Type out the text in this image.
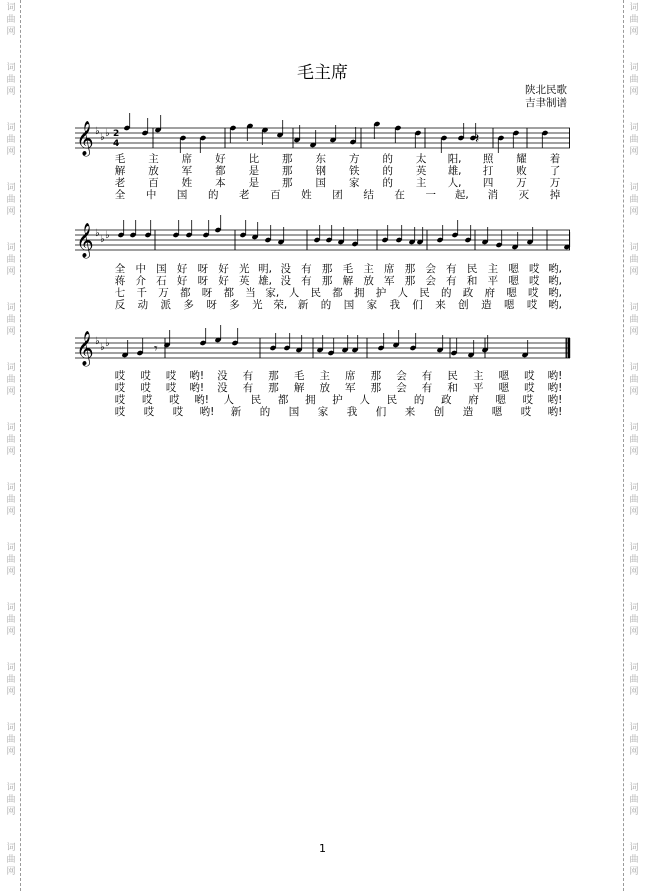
词
曲
网
词
曲
网
词
曲
网
词
曲
网
词
曲
网
词
曲
网
词
曲
网
词
曲
网
词
曲
网
词
曲
网
词
曲
网
词
曲
网
词
曲
网
词
曲
网
词
曲
网
词
曲
网
词
曲
网
词
曲
网
词
曲
网
词
曲
网
词
曲
网
词
曲
网
词
曲
网
词
曲
网
词
曲
网
词
曲
网
词
曲
网
词
曲
网
词
曲
网
词
曲
网
毛主席
陕北民歌
吉聿制谱
𝄞 ♭
♭ ♭ 2
4	𝄽
毛 主 席 好 比 那 东 方 的 太 阳, 照 耀 着
解 放 军 都 是 那 钢 铁 的 英 雄, 打 败 了
老 百 姓 本 是 那 国 家 的 主 人, 四 万 万
全 中 国 的 老 百 姓 团 结 在 一 起, 消 灭 掉
𝄞 ♭
♭ ♭
全 中 国 好 呀 好 光 明, 没 有 那 毛 主 席 那 会 有 民 主 嗯 哎 哟,
蒋 介 石 好 呀 好 英 雄, 没 有 那 解 放 军 那 会 有 和 平 嗯 哎 哟,
七 千 万 都 呀 都 当 家, 人 民 都 拥 护 人 民 的 政 府 嗯 哎 哟,
反 动 派 多 呀 多 光 荣, 新 的 国 家 我 们 来 创 造 嗯 哎 哟,
𝄞 ♭
♭ ♭	𝄾
哎 哎 哎 哟! 没 有 那 毛 主 席 那 会 有 民 主 嗯 哎 哟!
哎 哎 哎 哟! 没 有 那 解 放 军 那 会 有 和 平 嗯 哎 哟!
哎 哎 哎 哟! 人 民 都 拥 护 人 民 的 政 府 嗯 哎 哟!
哎 哎 哎 哟! 新 的 国 家 我 们 来 创 造 嗯 哎 哟!
1
